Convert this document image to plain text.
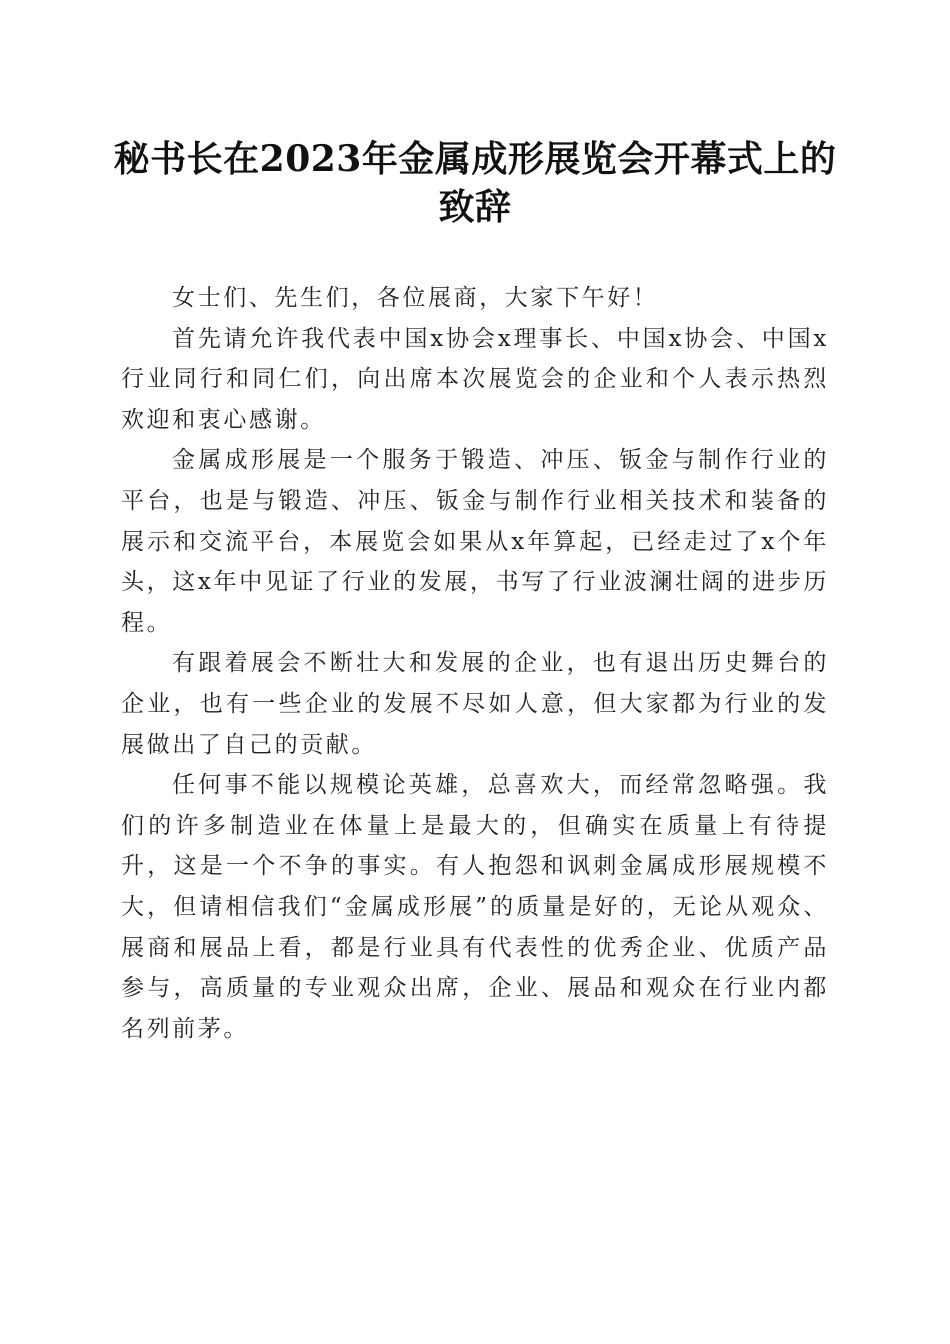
秘书长在2023年金属成形展览会开幕式上的
致辞

女士们、先生们，各位展商，大家下午好！

首先请允许我代表中国x协会x理事长、中国x协会、中国x行业同行和同仁们，向出席本次展览会的企业和个人表示热烈欢迎和衷心感谢。

金属成形展是一个服务于锻造、冲压、钣金与制作行业的平台，也是与锻造、冲压、钣金与制作行业相关技术和装备的展示和交流平台，本展览会如果从x年算起，已经走过了x个年头，这x年中见证了行业的发展，书写了行业波澜壮阔的进步历程。

有跟着展会不断壮大和发展的企业，也有退出历史舞台的企业，也有一些企业的发展不尽如人意，但大家都为行业的发展做出了自己的贡献。

任何事不能以规模论英雄，总喜欢大，而经常忽略强。我们的许多制造业在体量上是最大的，但确实在质量上有待提升，这是一个不争的事实。有人抱怨和讽刺金属成形展规模不大，但请相信我们“金属成形展”的质量是好的，无论从观众、展商和展品上看，都是行业具有代表性的优秀企业、优质产品参与，高质量的专业观众出席，企业、展品和观众在行业内都名列前茅。
